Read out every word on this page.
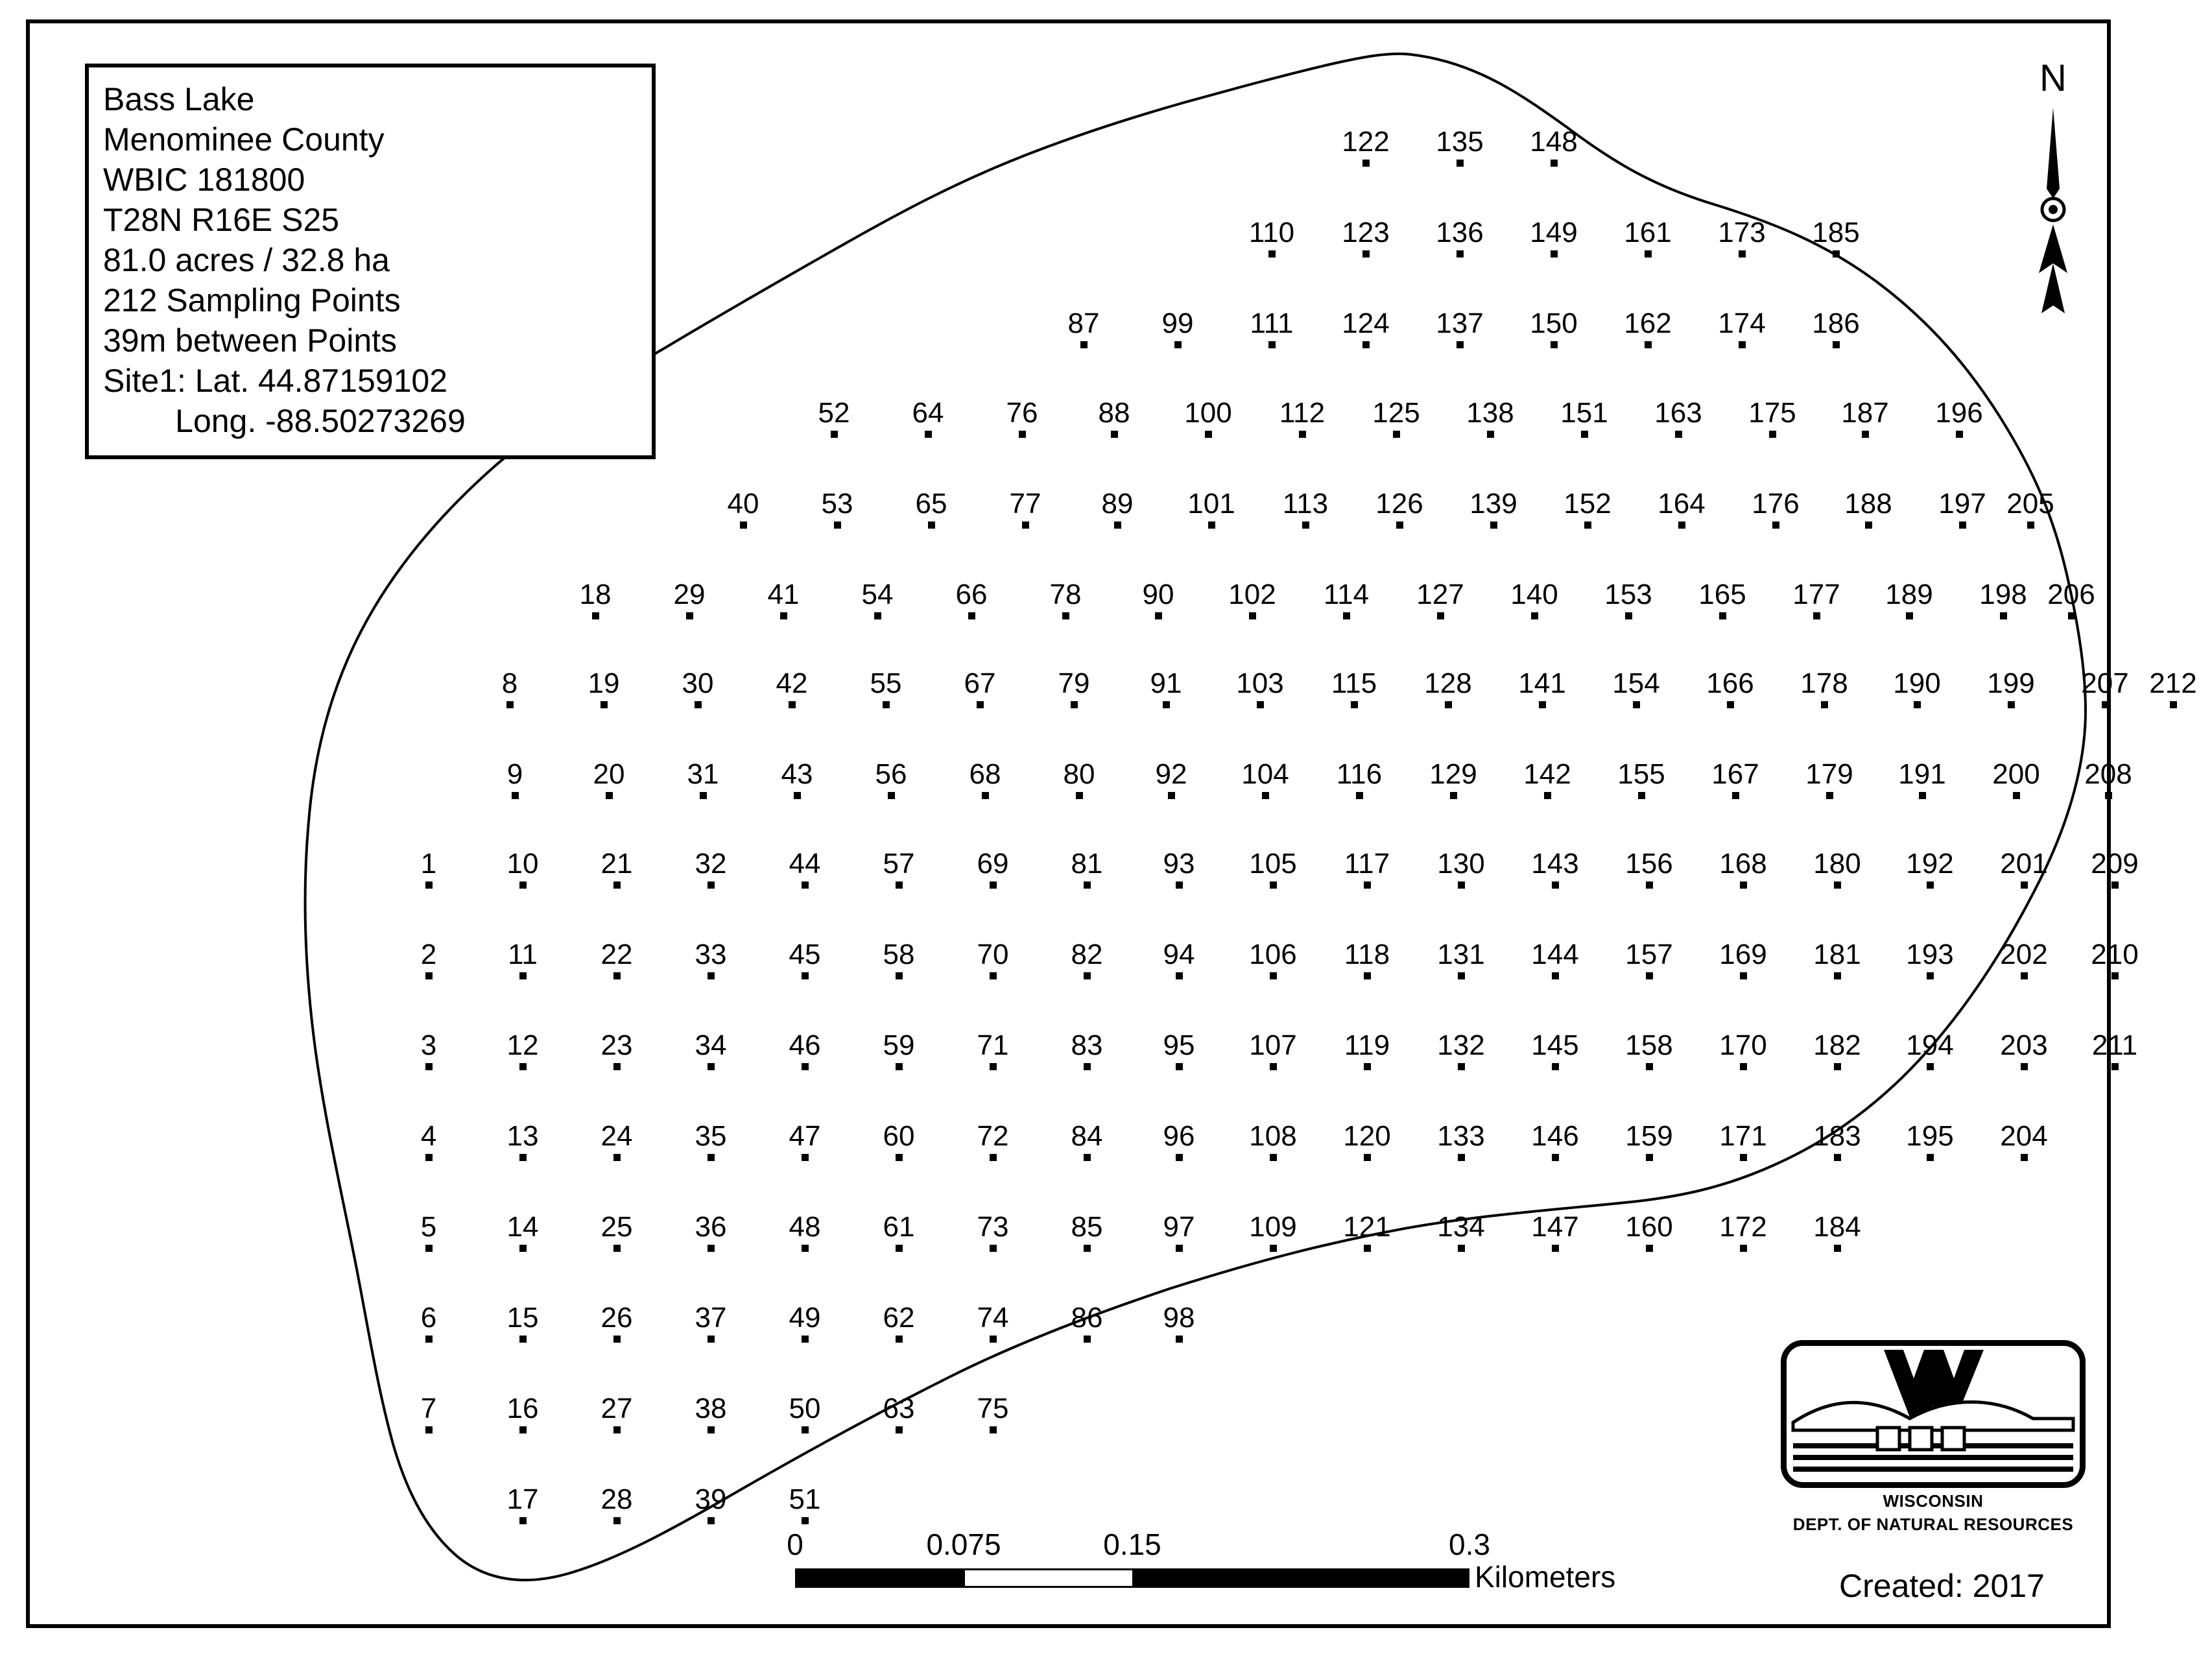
N
Bass Lake
Menominee County
WBIC 181800
T28N R16E S25
81.0 acres / 32.8 ha
212 Sampling Points
39m between Points
Site1: Lat. 44.87159102
Long. -88.50273269
122	135	148
110	123	136	149	161	173	185
87	99	111	124	137	150	162	174	186
52	64	76	88	100	112	125	138	151	163	175	187	196
40	53	65	77	89	101	113	126	139	152	164	176	188	197 205
18	29	41	54	66	78	90	102	114	127	140	153	165	177	189	198 206
8	19	30	42	55	67	79	91	103	115	128	141	154	166	178	190	199	207 212
9	20	31	43	56	68	80	92	104	116	129	142	155	167	179	191	200	208
1	10	21	32	44	57	69	81	93	105	117	130	143	156	168	180	192	201	209
2	11	22	33	45	58	70	82	94	106	118	131	144	157	169	181	193	202	210
3	12	23	34	46	59	71	83	95	107	119	132	145	158	170	182	194	203	211
4	13	24	35	47	60	72	84	96	108	120	133	146	159	171	183	195	204
5	14	25	36	48	61	73	85	97	109	121	134	147	160	172	184
6	15	26	37	49	62	74	86	98
7	16	27	38	50	63	75
17	28	39	51
0	0.075	0.15	0.3
Kilometers
WISCONSIN
DEPT. OF NATURAL RESOURCES
Created: 2017
